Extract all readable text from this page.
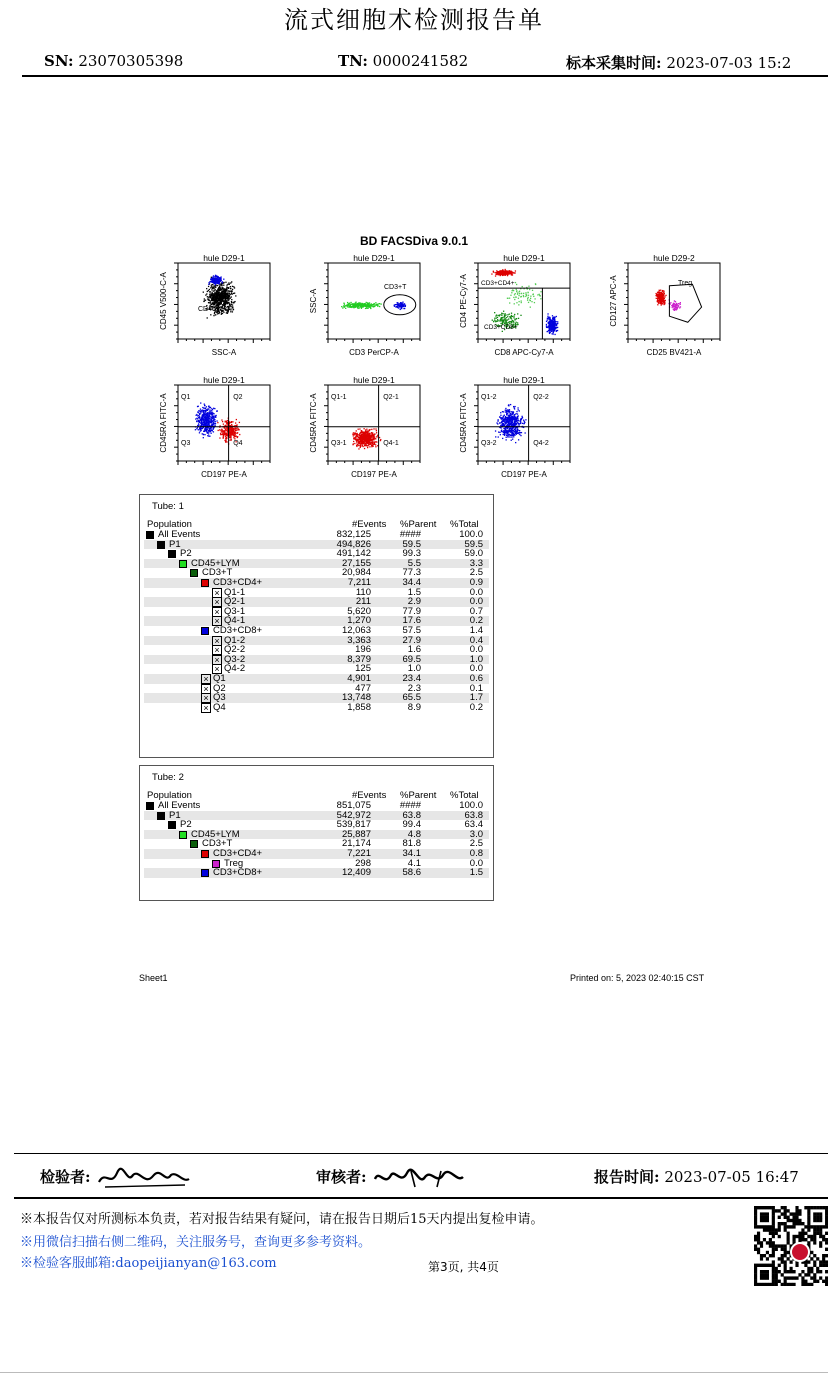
流式细胞术检测报告单
SN: 23070305398	TN: 0000241582	标本采集时间: 2023-07-03 15:2
BD FACSDiva 9.0.1
hule D29-1
SSC-A
CD45 V500-C-A	CD45+LYM
hule D29-1
CD3 PerCP-A
SSC-A
CD3+T
hule D29-1
CD8 APC-Cy7-A
CD4 PE-Cy7-A CD3+CD4+
CD3+CD8+
hule D29-2
CD25 BV421-A
CD127 APC-A	Treg
hule D29-1
CD197 PE-A
CD45RA FITC-A Q1	Q2
Q3	Q4
hule D29-1
CD197 PE-A
CD45RA FITC-A Q1-1	Q2-1
Q3-1	Q4-1
hule D29-1
CD197 PE-A
CD45RA FITC-A Q1-2	Q2-2
Q3-2	Q4-2
Tube: 1
Population	#Events %Parent %Total
All Events	832,125	####	100.0
P1	494,826	59.5	59.5
P2	491,142	99.3	59.0
CD45+LYM	27,155	5.5	3.3
CD3+T	20,984	77.3	2.5
CD3+CD4+	7,211	34.4	0.9
× Q1-1	110	1.5	0.0
× Q2-1	211	2.9	0.0
× Q3-1	5,620	77.9	0.7
× Q4-1	1,270	17.6	0.2
CD3+CD8+	12,063	57.5	1.4
× Q1-2	3,363	27.9	0.4
× Q2-2	196	1.6	0.0
× Q3-2	8,379	69.5	1.0
× Q4-2	125	1.0	0.0
× Q1	4,901	23.4	0.6
× Q2	477	2.3	0.1
× Q3	13,748	65.5	1.7
× Q4	1,858	8.9	0.2
Tube: 2
Population	#Events %Parent %Total
All Events	851,075	####	100.0
P1	542,972	63.8	63.8
P2	539,817	99.4	63.4
CD45+LYM	25,887	4.8	3.0
CD3+T	21,174	81.8	2.5
CD3+CD4+	7,221	34.1	0.8
Treg	298	4.1	0.0
CD3+CD8+	12,409	58.6	1.5
Sheet1	Printed on: 5, 2023 02:40:15 CST
检验者:	审核者:	报告时间: 2023-07-05 16:47
※本报告仅对所测标本负责，若对报告结果有疑问，请在报告日期后15天内提出复检申请。
※用微信扫描右侧二维码，关注服务号，查询更多参考资料。
※检验客服邮箱:daopeijianyan@163.com	第3页, 共4页
